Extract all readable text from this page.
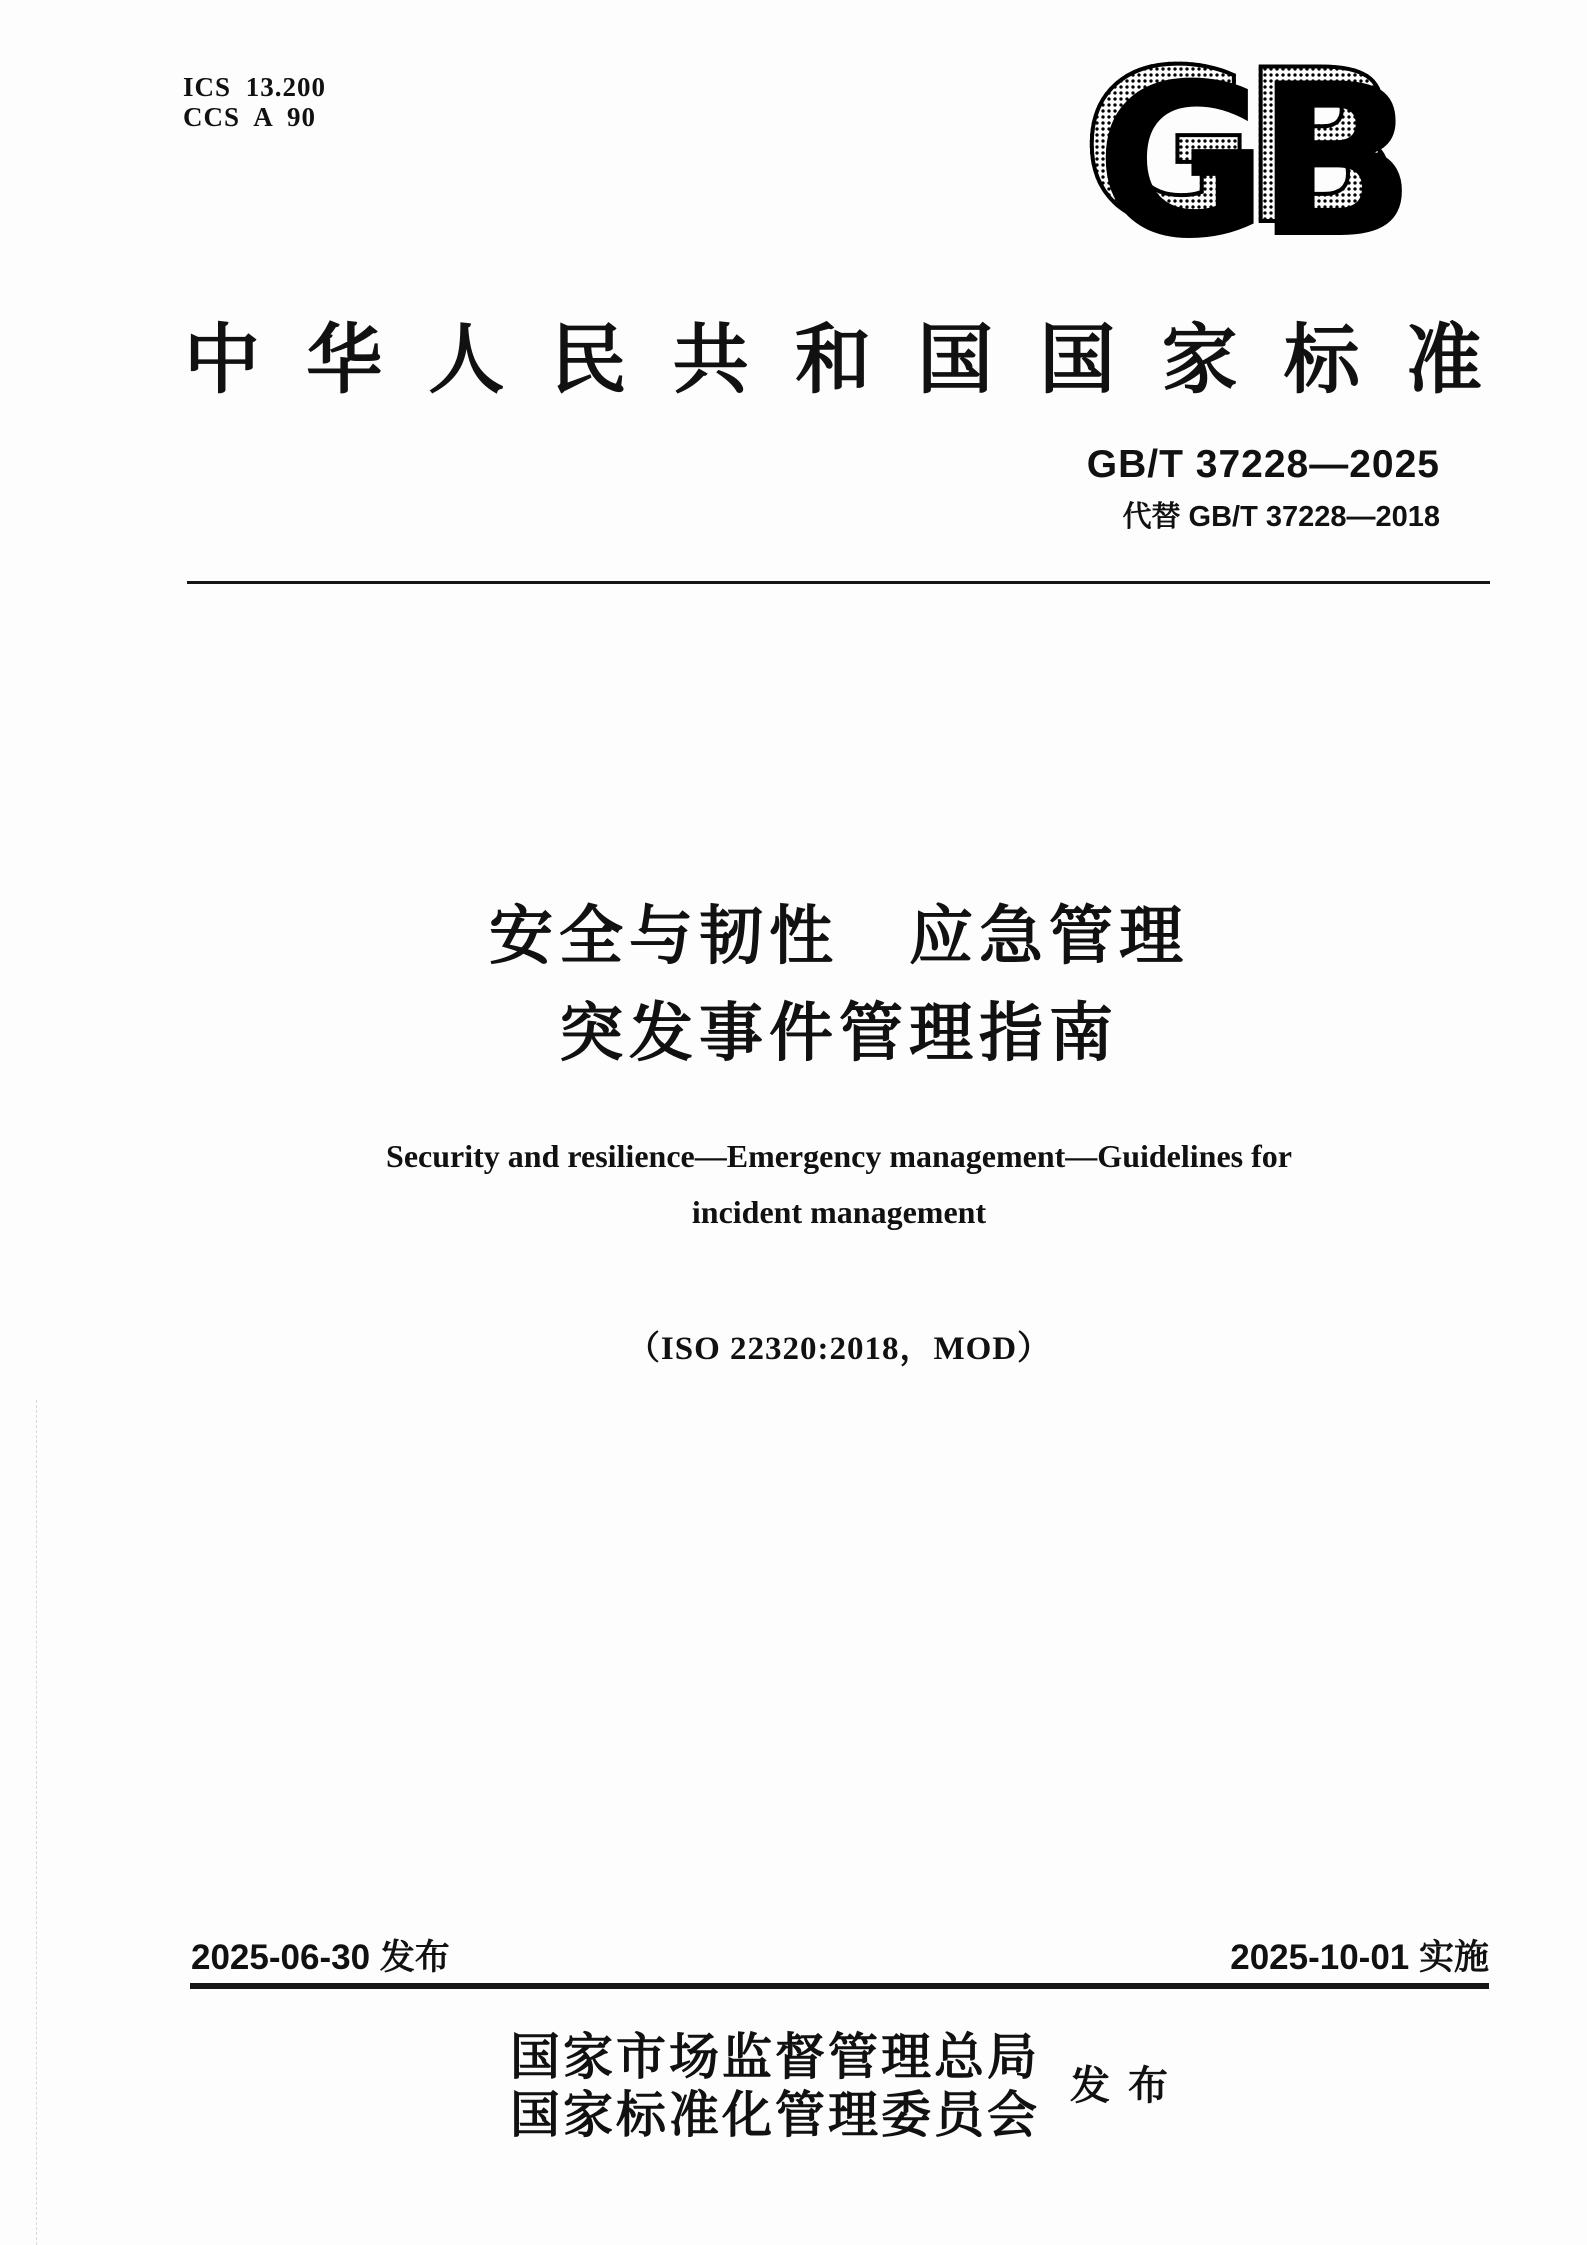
ICS 13.200
CCS A 90	GB
中华人民共和国国家标准
GB/T 37228—2025
代替 GB/T 37228—2018
安全与韧性　应急管理
突发事件管理指南
Security and resilience—Emergency management—Guidelines for
incident management
（ISO 22320:2018，MOD）
2025-06-30 发布	2025-10-01 实施
国家市场监督管理总局
国家标准化管理委员会
发布
